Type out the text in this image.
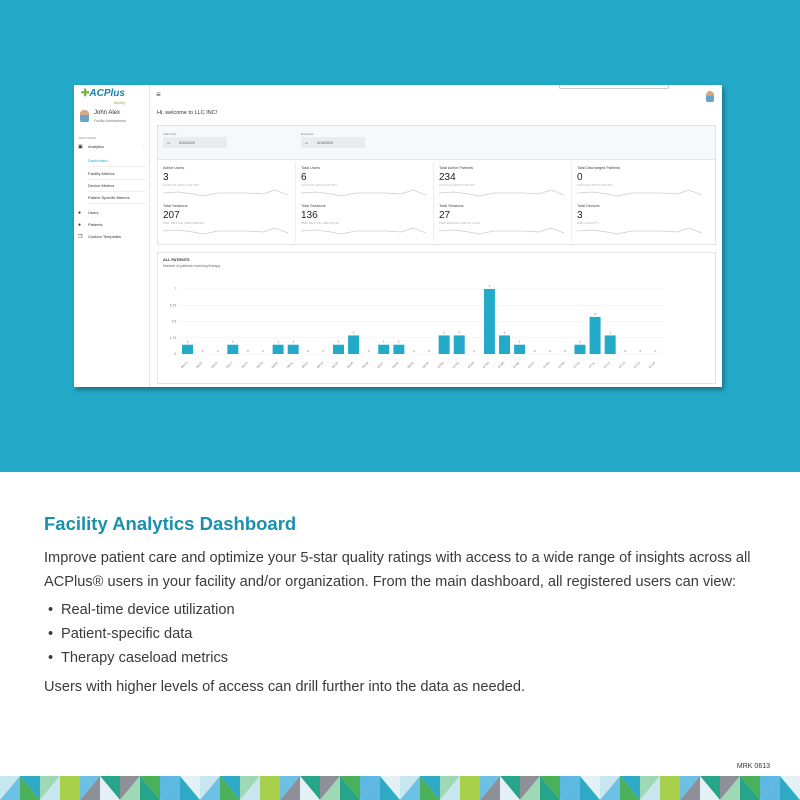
✚ACPlus
facility
John Alex
Facility Administrator
MAIN MENU
▣	Analytics	ˆ
Dashboard
Facility Metrics
Device Metrics
Patient Specific Metrics
●	Users
●	Patients
❐	Custom Templates
≡
Hi, welcome to LLC INC!
Start Date
▭	6/14/2020
End Date
▭	6/14/2020
Active Users
3
ACPLUS APPLICATION
Total Users
6
ACPLUS APPLICATION
Total Active Patients
234
ACPLUS APPLICATION
Total Discharged Patients
0
ACPLUS APPLICATION
Total Sessions
207
PER DEVICE OMNIVERSA
Total Sessions
136
PER DEVICE OMNISTIM
Total Sessions
27
PER DEVICE OMNICYCLE
Total Devices
3
PER FACILITY
ALL PATIENTS
Number of patients receiving therapy
0
1.75
3.5
5.25
7
1
06/14
0
06/15
0
06/16
1
06/17
0
06/18
0
06/19
1
06/20
1
06/21
0
06/22
0
06/23
1
06/24
2
06/25
0
06/26
1
06/27
1
06/28
0
06/29
0
06/30
2
07/01
2
07/02
0
07/03
7
07/04
2
07/05
1
07/06
0
07/07
0
07/08
0
07/09
1
07/10
4
07/11
2
07/12
0
07/13
0
07/14
0
07/15
Facility Analytics Dashboard
Improve patient care and optimize your 5-star quality ratings with access to a wide range of insights across all ACPlus® users in your facility and/or organization. From the main dashboard, all registered users can view:
• Real-time device utilization
• Patient-specific data
• Therapy caseload metrics
Users with higher levels of access can drill further into the data as needed.
MRK 0613
